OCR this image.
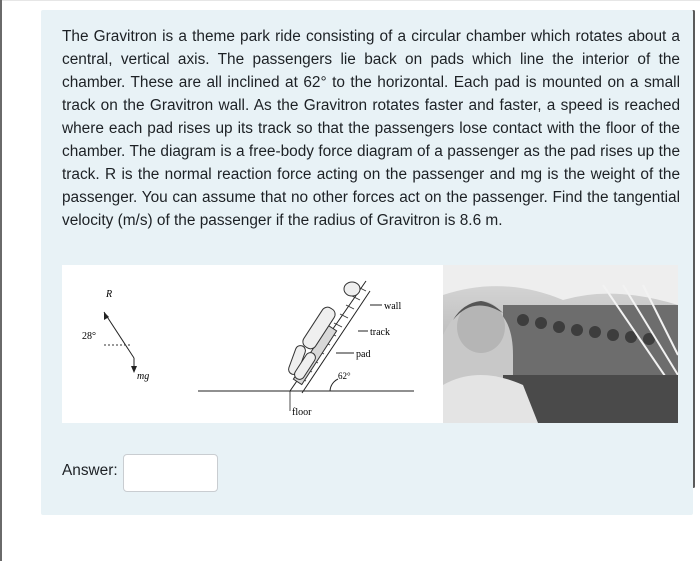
The Gravitron is a theme park ride consisting of a circular chamber which rotates about a central, vertical axis. The passengers lie back on pads which line the interior of the chamber. These are all inclined at 62° to the horizontal. Each pad is mounted on a small track on the Gravitron wall. As the Gravitron rotates faster and faster, a speed is reached where each pad rises up its track so that the passengers lose contact with the floor of the chamber. The diagram is a free-body force diagram of a passenger as the pad rises up the track. R is the normal reaction force acting on the passenger and mg is the weight of the passenger. You can assume that no other forces act on the passenger. Find the tangential velocity (m/s) of the passenger if the radius of Gravitron is 8.6 m.
R
28°
mg
wall
track
pad
62°
floor
Answer:
